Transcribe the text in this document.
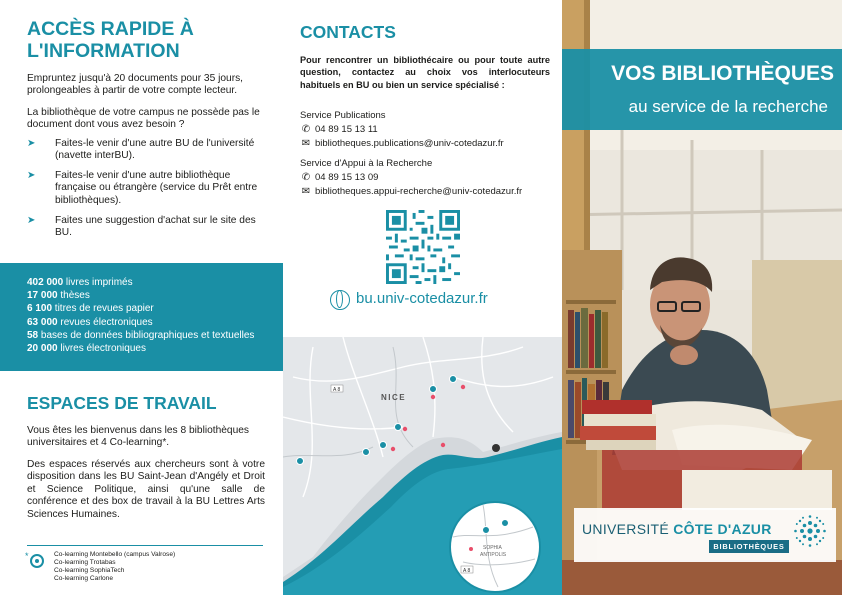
ACCÈS RAPIDE À L'INFORMATION
Empruntez jusqu'à 20 documents pour 35 jours, prolongeables à partir de votre compte lecteur.
La bibliothèque de votre campus ne possède pas le document dont vous avez besoin ?
➤ Faites-le venir d'une autre BU de l'université (navette interBU).
➤ Faites-le venir d'une autre bibliothèque française ou étrangère (service du Prêt entre bibliothèques).
➤ Faites une suggestion d'achat sur le site des BU.
402 000 livres imprimés
17 000 thèses
6 100 titres de revues papier
63 000 revues électroniques
58 bases de données bibliographiques et textuelles
20 000 livres électroniques
ESPACES DE TRAVAIL
Vous êtes les bienvenus dans les 8 bibliothèques universitaires et 4 Co-learning*.
Des espaces réservés aux chercheurs sont à votre disposition dans les BU Saint-Jean d'Angély et Droit et Science Politique, ainsi qu'une salle de conférence et des box de travail à la BU Lettres Arts Sciences Humaines.
*	Co-learning Montebello (campus Valrose)
Co-learning Trotabas
Co-learning SophiaTech
Co-learning Carlone
CONTACTS
Pour rencontrer un bibliothécaire ou pour toute autre question, contactez au choix vos interlocuteurs habituels en BU ou bien un service spécialisé :
Service Publications
✆ 04 89 15 13 11
✉ bibliotheques.publications@univ-cotedazur.fr
Service d'Appui à la Recherche
✆ 04 89 15 13 09
✉ bibliotheques.appui-recherche@univ-cotedazur.fr
bu.univ-cotedazur.fr
NICE
A 8
SOPHIA
ANTIPOLIS
A 8
VOS BIBLIOTHÈQUES
au service de la recherche
UNIVERSITÉ CÔTE D'AZUR
BIBLIOTHÈQUES
